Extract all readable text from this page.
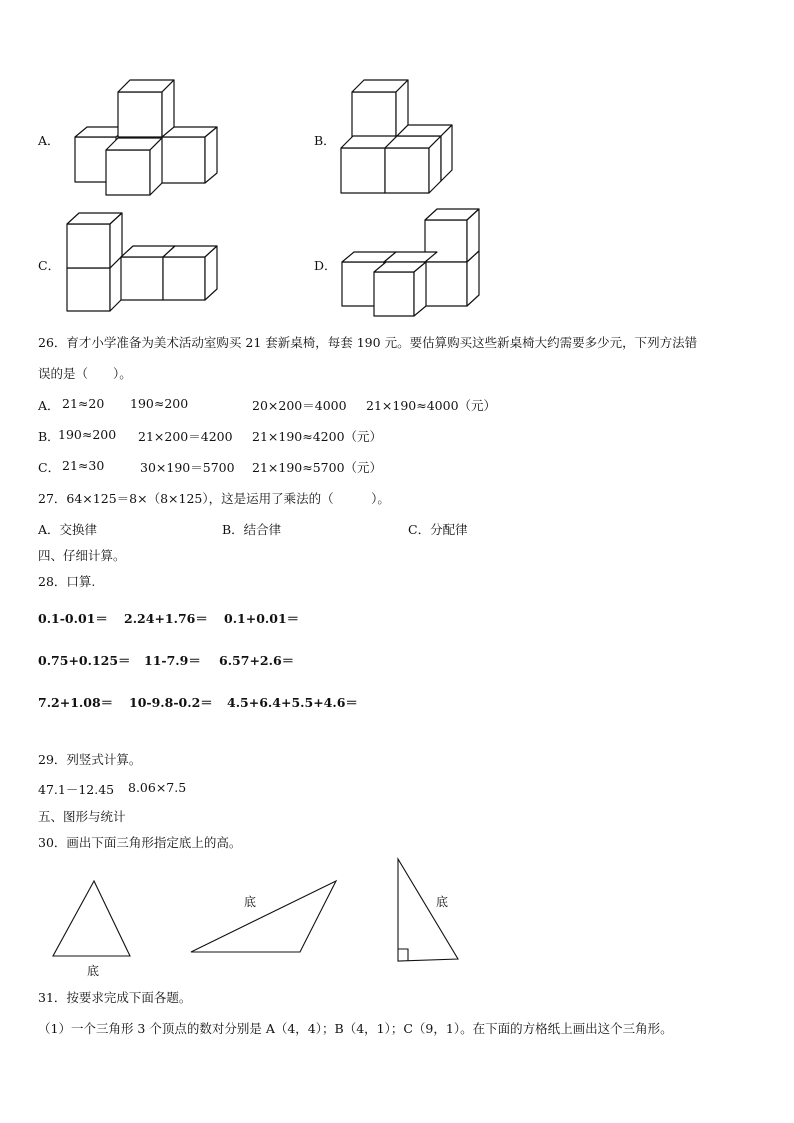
A．	B．
C．	D．
26．育才小学准备为美术活动室购买 21 套新桌椅，每套 190 元。要估算购买这些新桌椅大约需要多少元，下列方法错
误的是（　　）。
A． 21≈20 190≈200	20×200＝4000 21×190≈4000（元）
B．
190≈200 21×200＝4200 21×190≈4200（元）
C． 21≈30	30×190＝5700 21×190≈5700（元）
27．64×125＝8×（8×125），这是运用了乘法的（　　　）。
A．交换律	B．结合律	C．分配律
四、仔细计算。
28．口算.
0.1-0.01＝ 2.24+1.76＝ 0.1+0.01＝
0.75+0.125＝ 11-7.9＝ 6.57+2.6＝
7.2+1.08＝ 10-9.8-0.2＝ 4.5+6.4+5.5+4.6＝
29．列竖式计算。
47.1－12.45 8.06×7.5
五、图形与统计
30．画出下面三角形指定底上的高。
底
底	底
31．按要求完成下面各题。
（1）一个三角形 3 个顶点的数对分别是 A（4，4）；B（4，1）；C（9，1）。在下面的方格纸上画出这个三角形。
